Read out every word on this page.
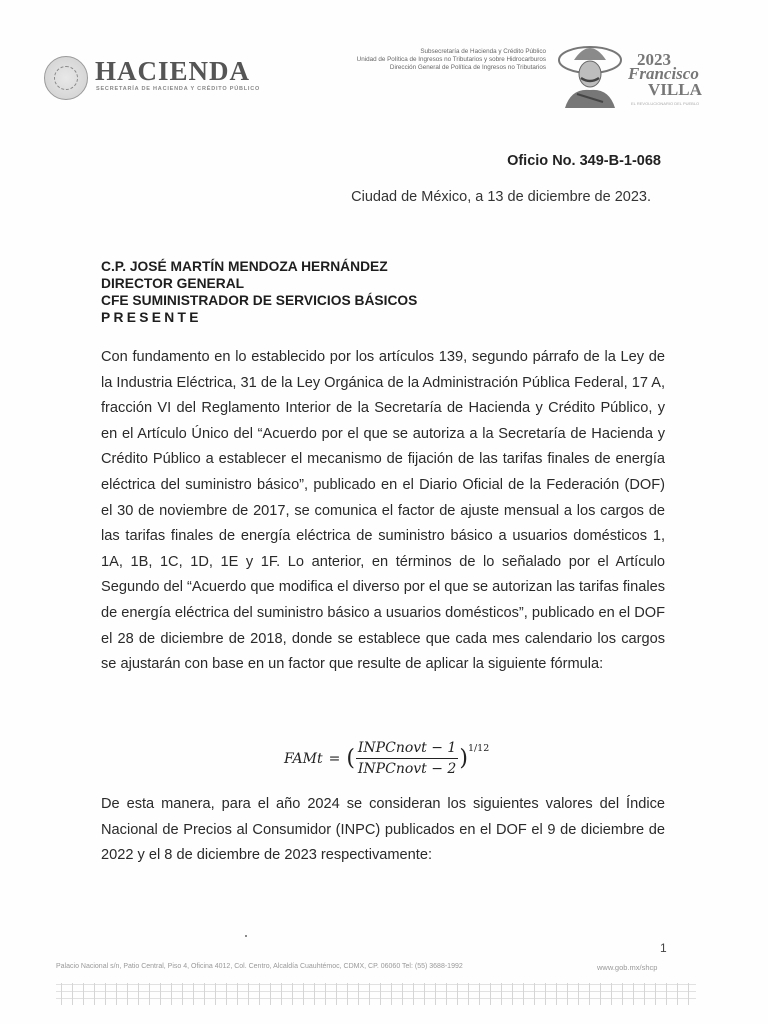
HACIENDA
SECRETARÍA DE HACIENDA Y CRÉDITO PÚBLICO
Subsecretaría de Hacienda y Crédito Público
Unidad de Política de Ingresos no Tributarios y sobre Hidrocarburos
Dirección General de Política de Ingresos no Tributarios	2023
Francisco
VILLA
EL REVOLUCIONARIO DEL PUEBLO
Oficio No. 349-B-1-068
Ciudad de México, a 13 de diciembre de 2023.
C.P. JOSÉ MARTÍN MENDOZA HERNÁNDEZ
DIRECTOR GENERAL
CFE SUMINISTRADOR DE SERVICIOS BÁSICOS
PRESENTE
Con fundamento en lo establecido por los artículos 139, segundo párrafo de la Ley de la Industria Eléctrica, 31 de la Ley Orgánica de la Administración Pública Federal, 17 A, fracción VI del Reglamento Interior de la Secretaría de Hacienda y Crédito Público, y en el Artículo Único del “Acuerdo por el que se autoriza a la Secretaría de Hacienda y Crédito Público a establecer el mecanismo de fijación de las tarifas finales de energía eléctrica del suministro básico”, publicado en el Diario Oficial de la Federación (DOF) el 30 de noviembre de 2017, se comunica el factor de ajuste mensual a los cargos de las tarifas finales de energía eléctrica de suministro básico a usuarios domésticos 1, 1A, 1B, 1C, 1D, 1E y 1F. Lo anterior, en términos de lo señalado por el Artículo Segundo del “Acuerdo que modifica el diverso por el que se autorizan las tarifas finales de energía eléctrica del suministro básico a usuarios domésticos”, publicado en el DOF el 28 de diciembre de 2018, donde se establece que cada mes calendario los cargos se ajustarán con base en un factor que resulte de aplicar la siguiente fórmula:
FAMt = ( $\frac{\text{INPCnovt − 1}}{\text{INPCnovt − 2}}$ ) 1/12
De esta manera, para el año 2024 se consideran los siguientes valores del Índice Nacional de Precios al Consumidor (INPC) publicados en el DOF el 9 de diciembre de 2022 y el 8 de diciembre de 2023 respectivamente:
1
Palacio Nacional s/n, Patio Central, Piso 4, Oficina 4012, Col. Centro, Alcaldía Cuauhtémoc, CDMX, CP. 06060 Tel: (55) 3688-1992	www.gob.mx/shcp
